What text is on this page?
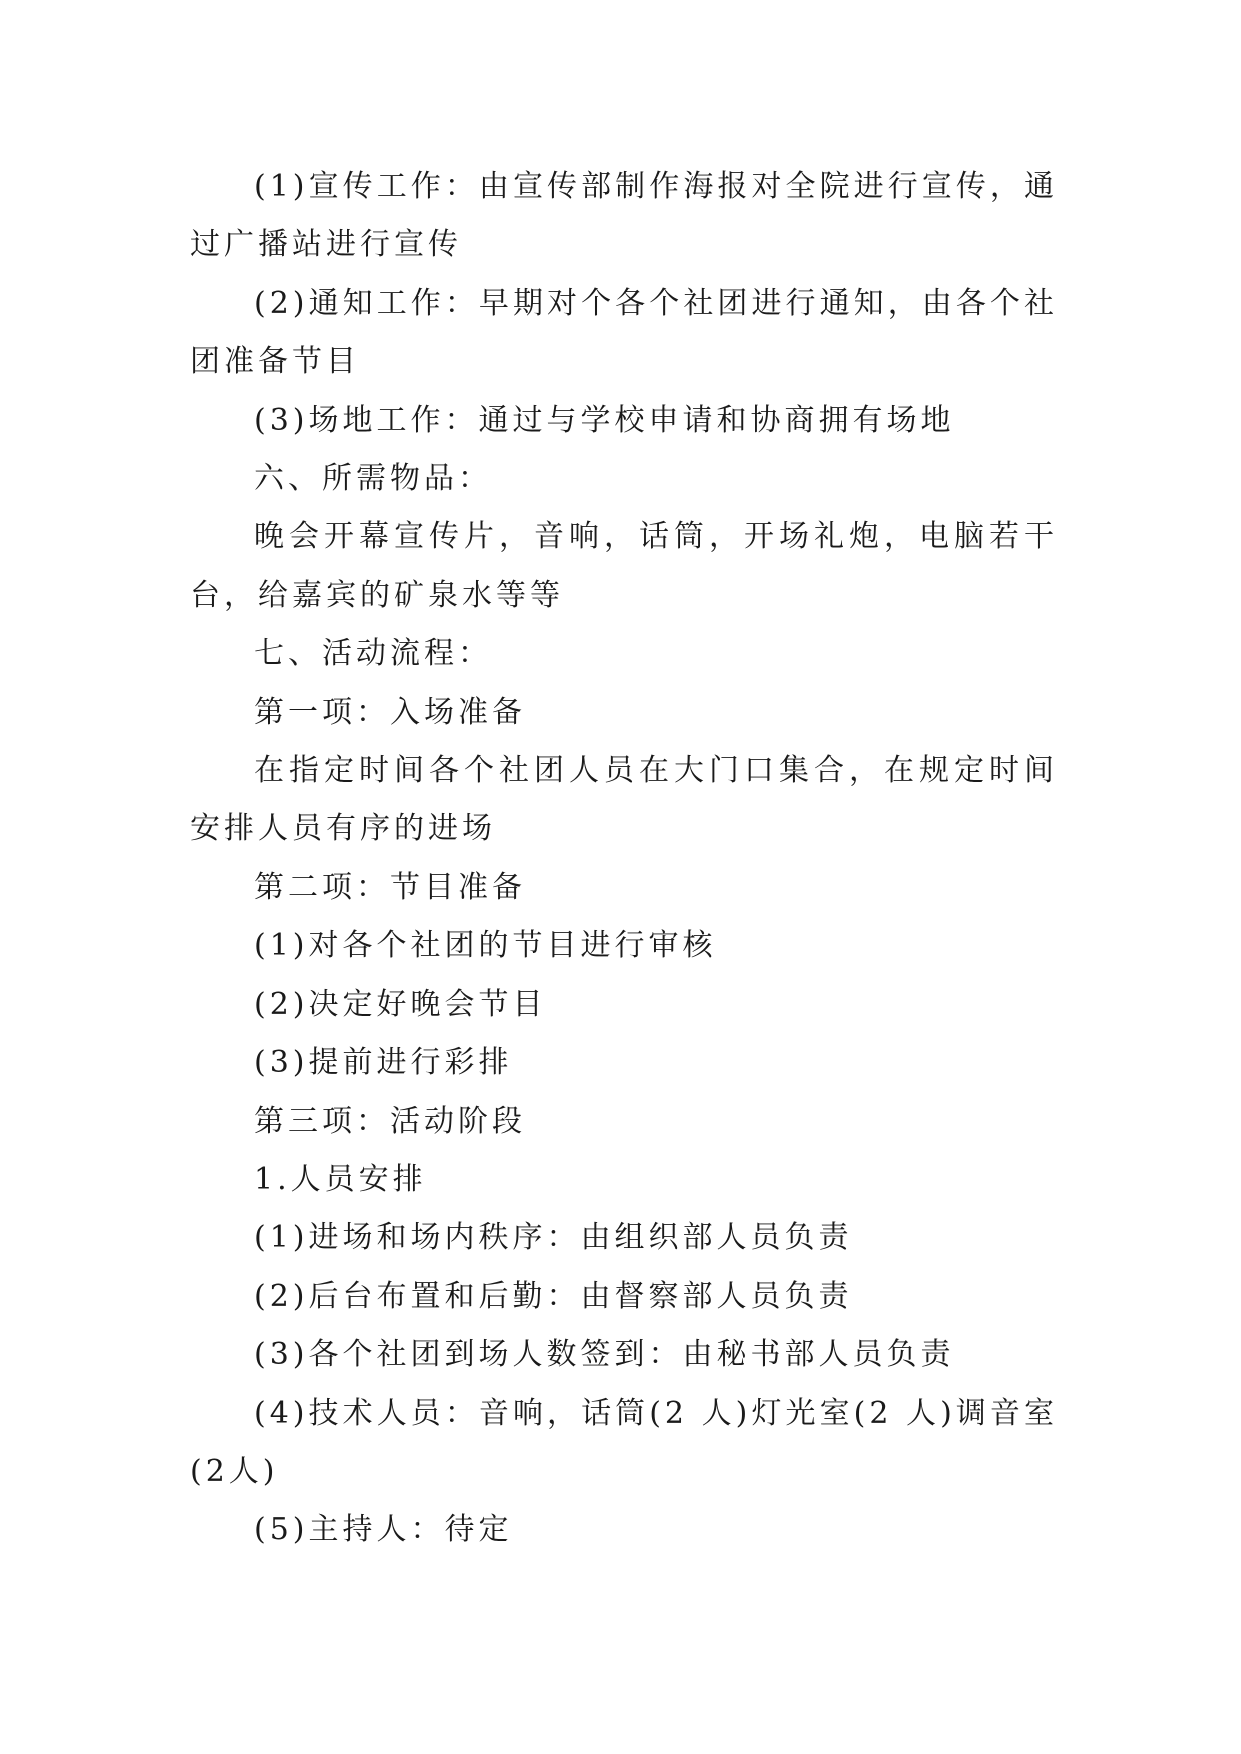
(1)宣传工作：由宣传部制作海报对全院进行宣传，通过广播站进行宣传

(2)通知工作：早期对个各个社团进行通知，由各个社团准备节目

(3)场地工作：通过与学校申请和协商拥有场地

六、所需物品：

晚会开幕宣传片，音响，话筒，开场礼炮，电脑若干台，给嘉宾的矿泉水等等

七、活动流程：

第一项：入场准备

在指定时间各个社团人员在大门口集合，在规定时间安排人员有序的进场

第二项：节目准备

(1)对各个社团的节目进行审核

(2)决定好晚会节目

(3)提前进行彩排

第三项：活动阶段

1.人员安排

(1)进场和场内秩序：由组织部人员负责

(2)后台布置和后勤：由督察部人员负责

(3)各个社团到场人数签到：由秘书部人员负责

(4)技术人员：音响，话筒(2 人)灯光室(2 人)调音室(2人)

(5)主持人：待定
